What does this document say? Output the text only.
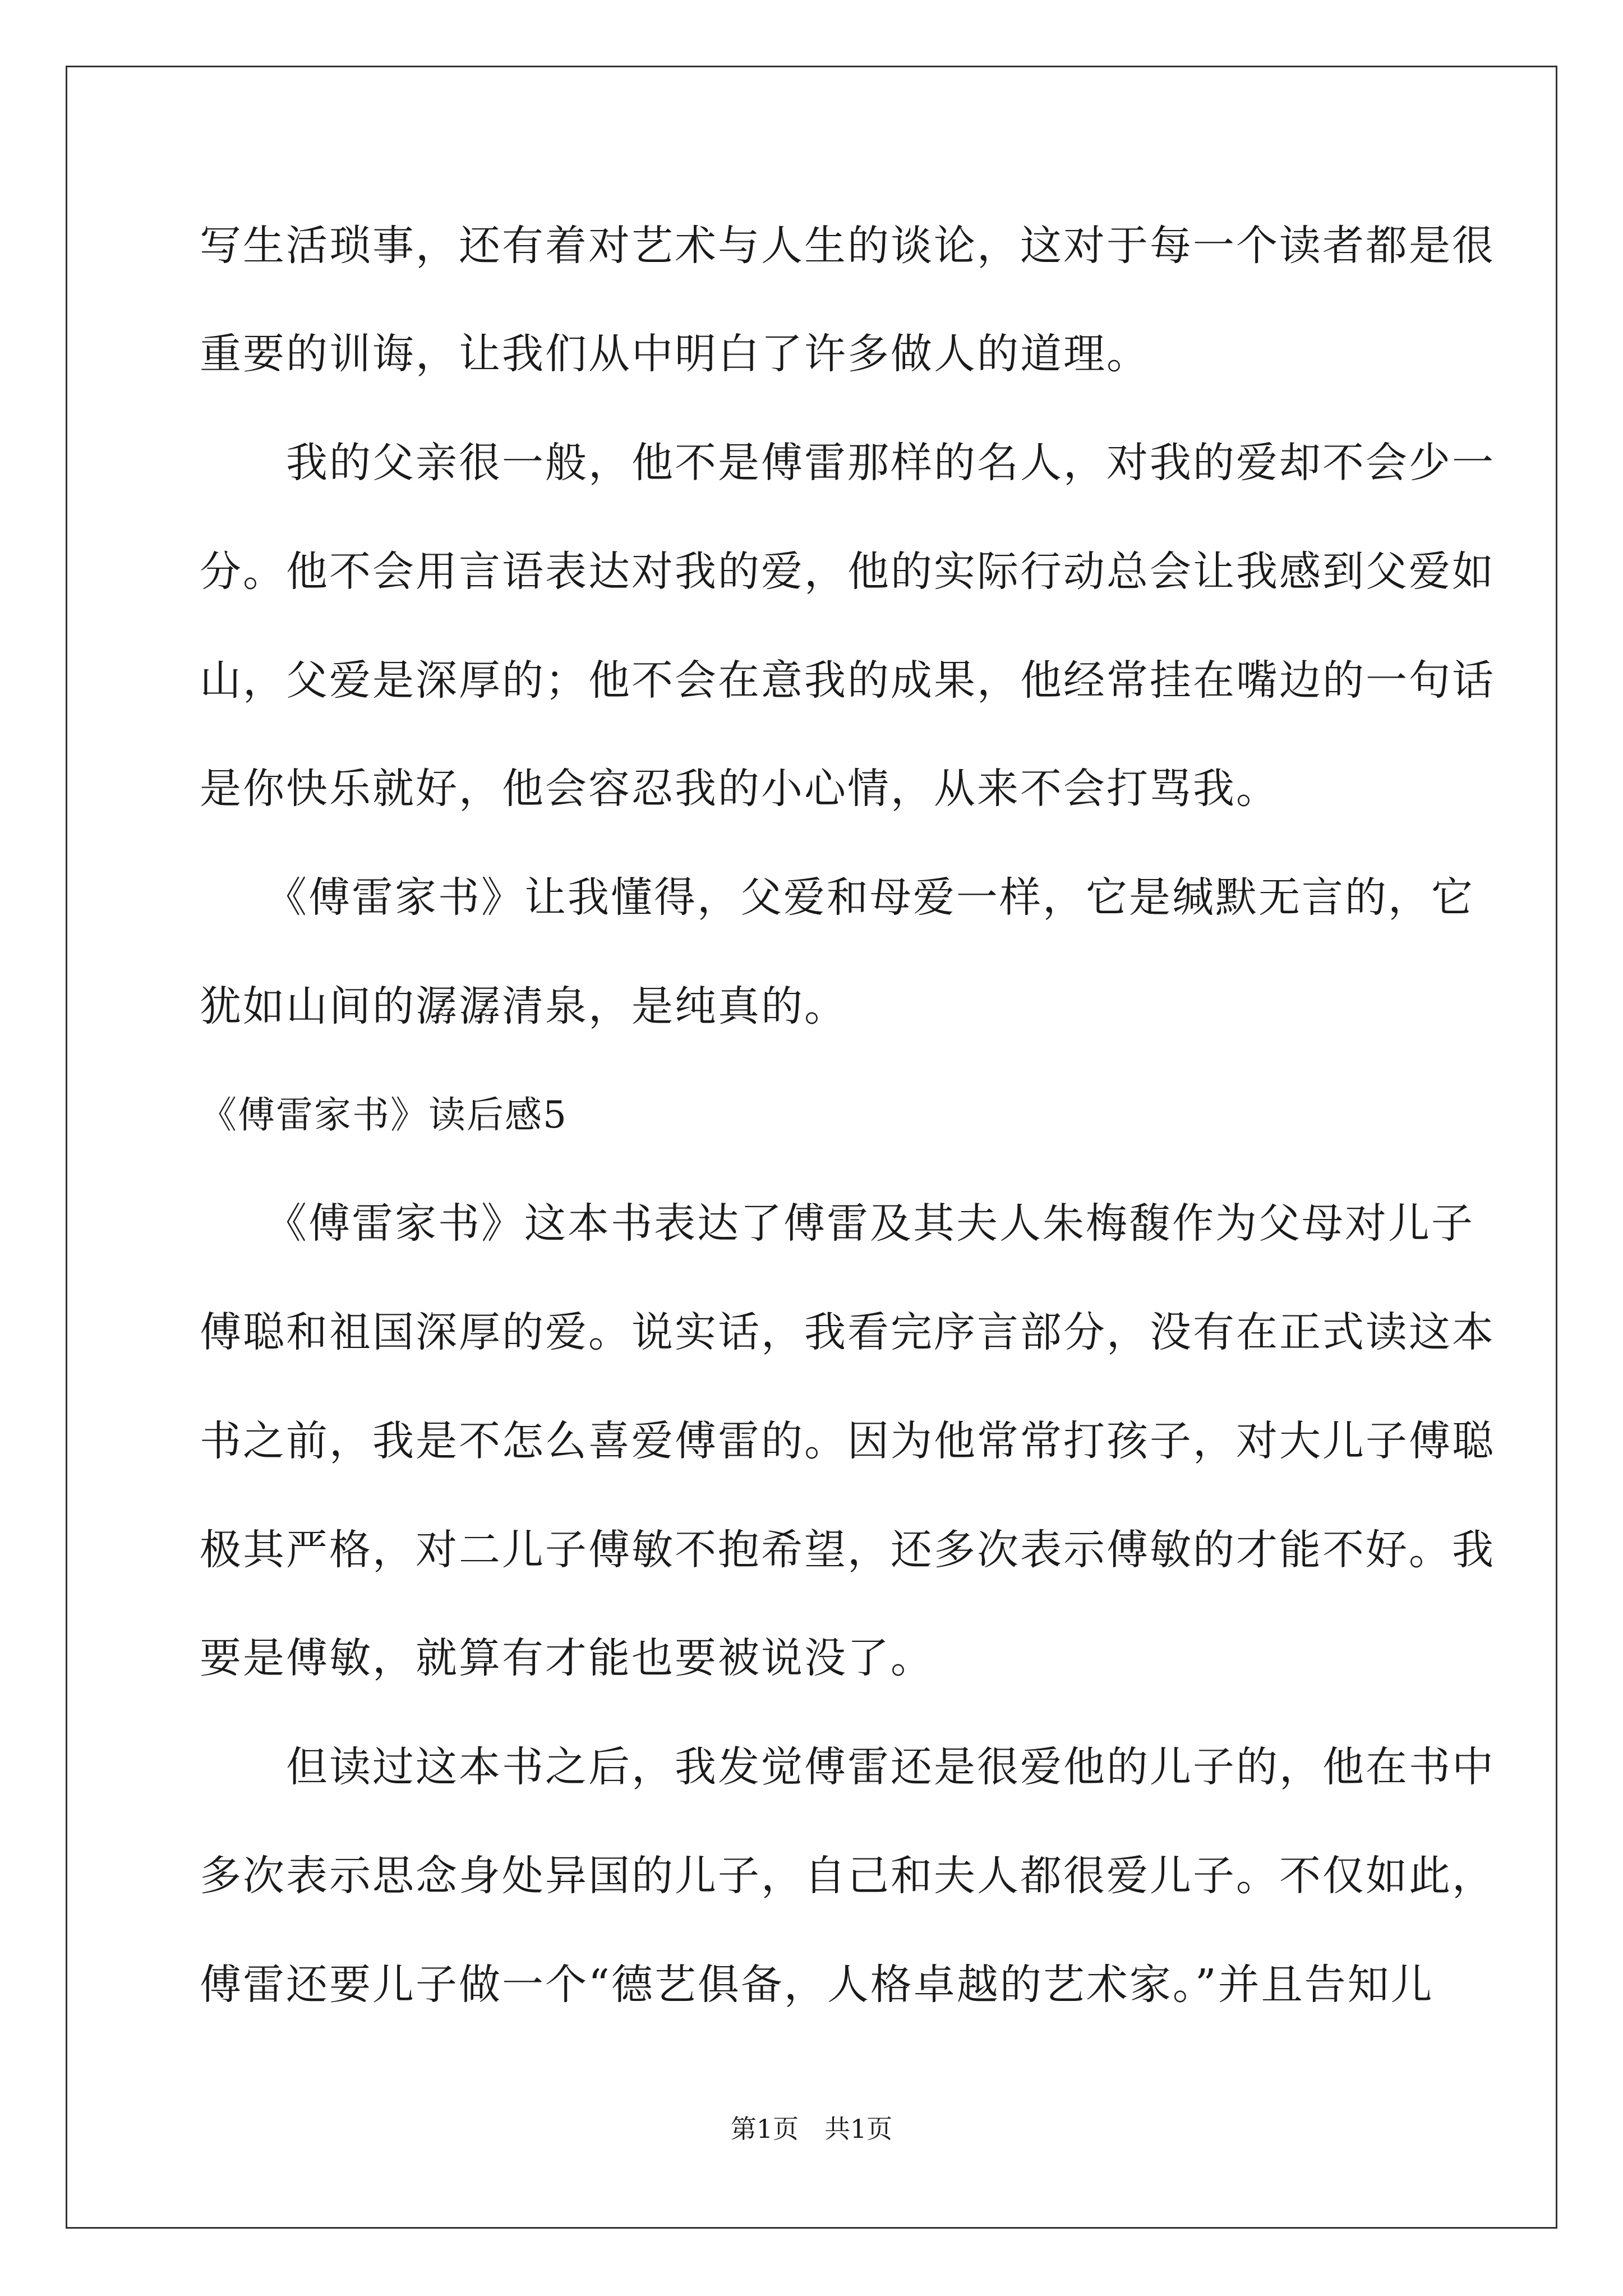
写生活琐事，还有着对艺术与人生的谈论，这对于每一个读者都是很
重要的训诲，让我们从中明白了许多做人的道理。
　　我的父亲很一般，他不是傅雷那样的名人，对我的爱却不会少一
分。他不会用言语表达对我的爱，他的实际行动总会让我感到父爱如
山，父爱是深厚的；他不会在意我的成果，他经常挂在嘴边的一句话
是你快乐就好，他会容忍我的小心情，从来不会打骂我。
　　《傅雷家书》让我懂得，父爱和母爱一样，它是缄默无言的，它
犹如山间的潺潺清泉，是纯真的。
《傅雷家书》读后感5
　　《傅雷家书》这本书表达了傅雷及其夫人朱梅馥作为父母对儿子
傅聪和祖国深厚的爱。说实话，我看完序言部分，没有在正式读这本
书之前，我是不怎么喜爱傅雷的。因为他常常打孩子，对大儿子傅聪
极其严格，对二儿子傅敏不抱希望，还多次表示傅敏的才能不好。我
要是傅敏，就算有才能也要被说没了。
　　但读过这本书之后，我发觉傅雷还是很爱他的儿子的，他在书中
多次表示思念身处异国的儿子，自己和夫人都很爱儿子。不仅如此，
傅雷还要儿子做一个“德艺俱备，人格卓越的艺术家。”并且告知儿
第1页　共1页
